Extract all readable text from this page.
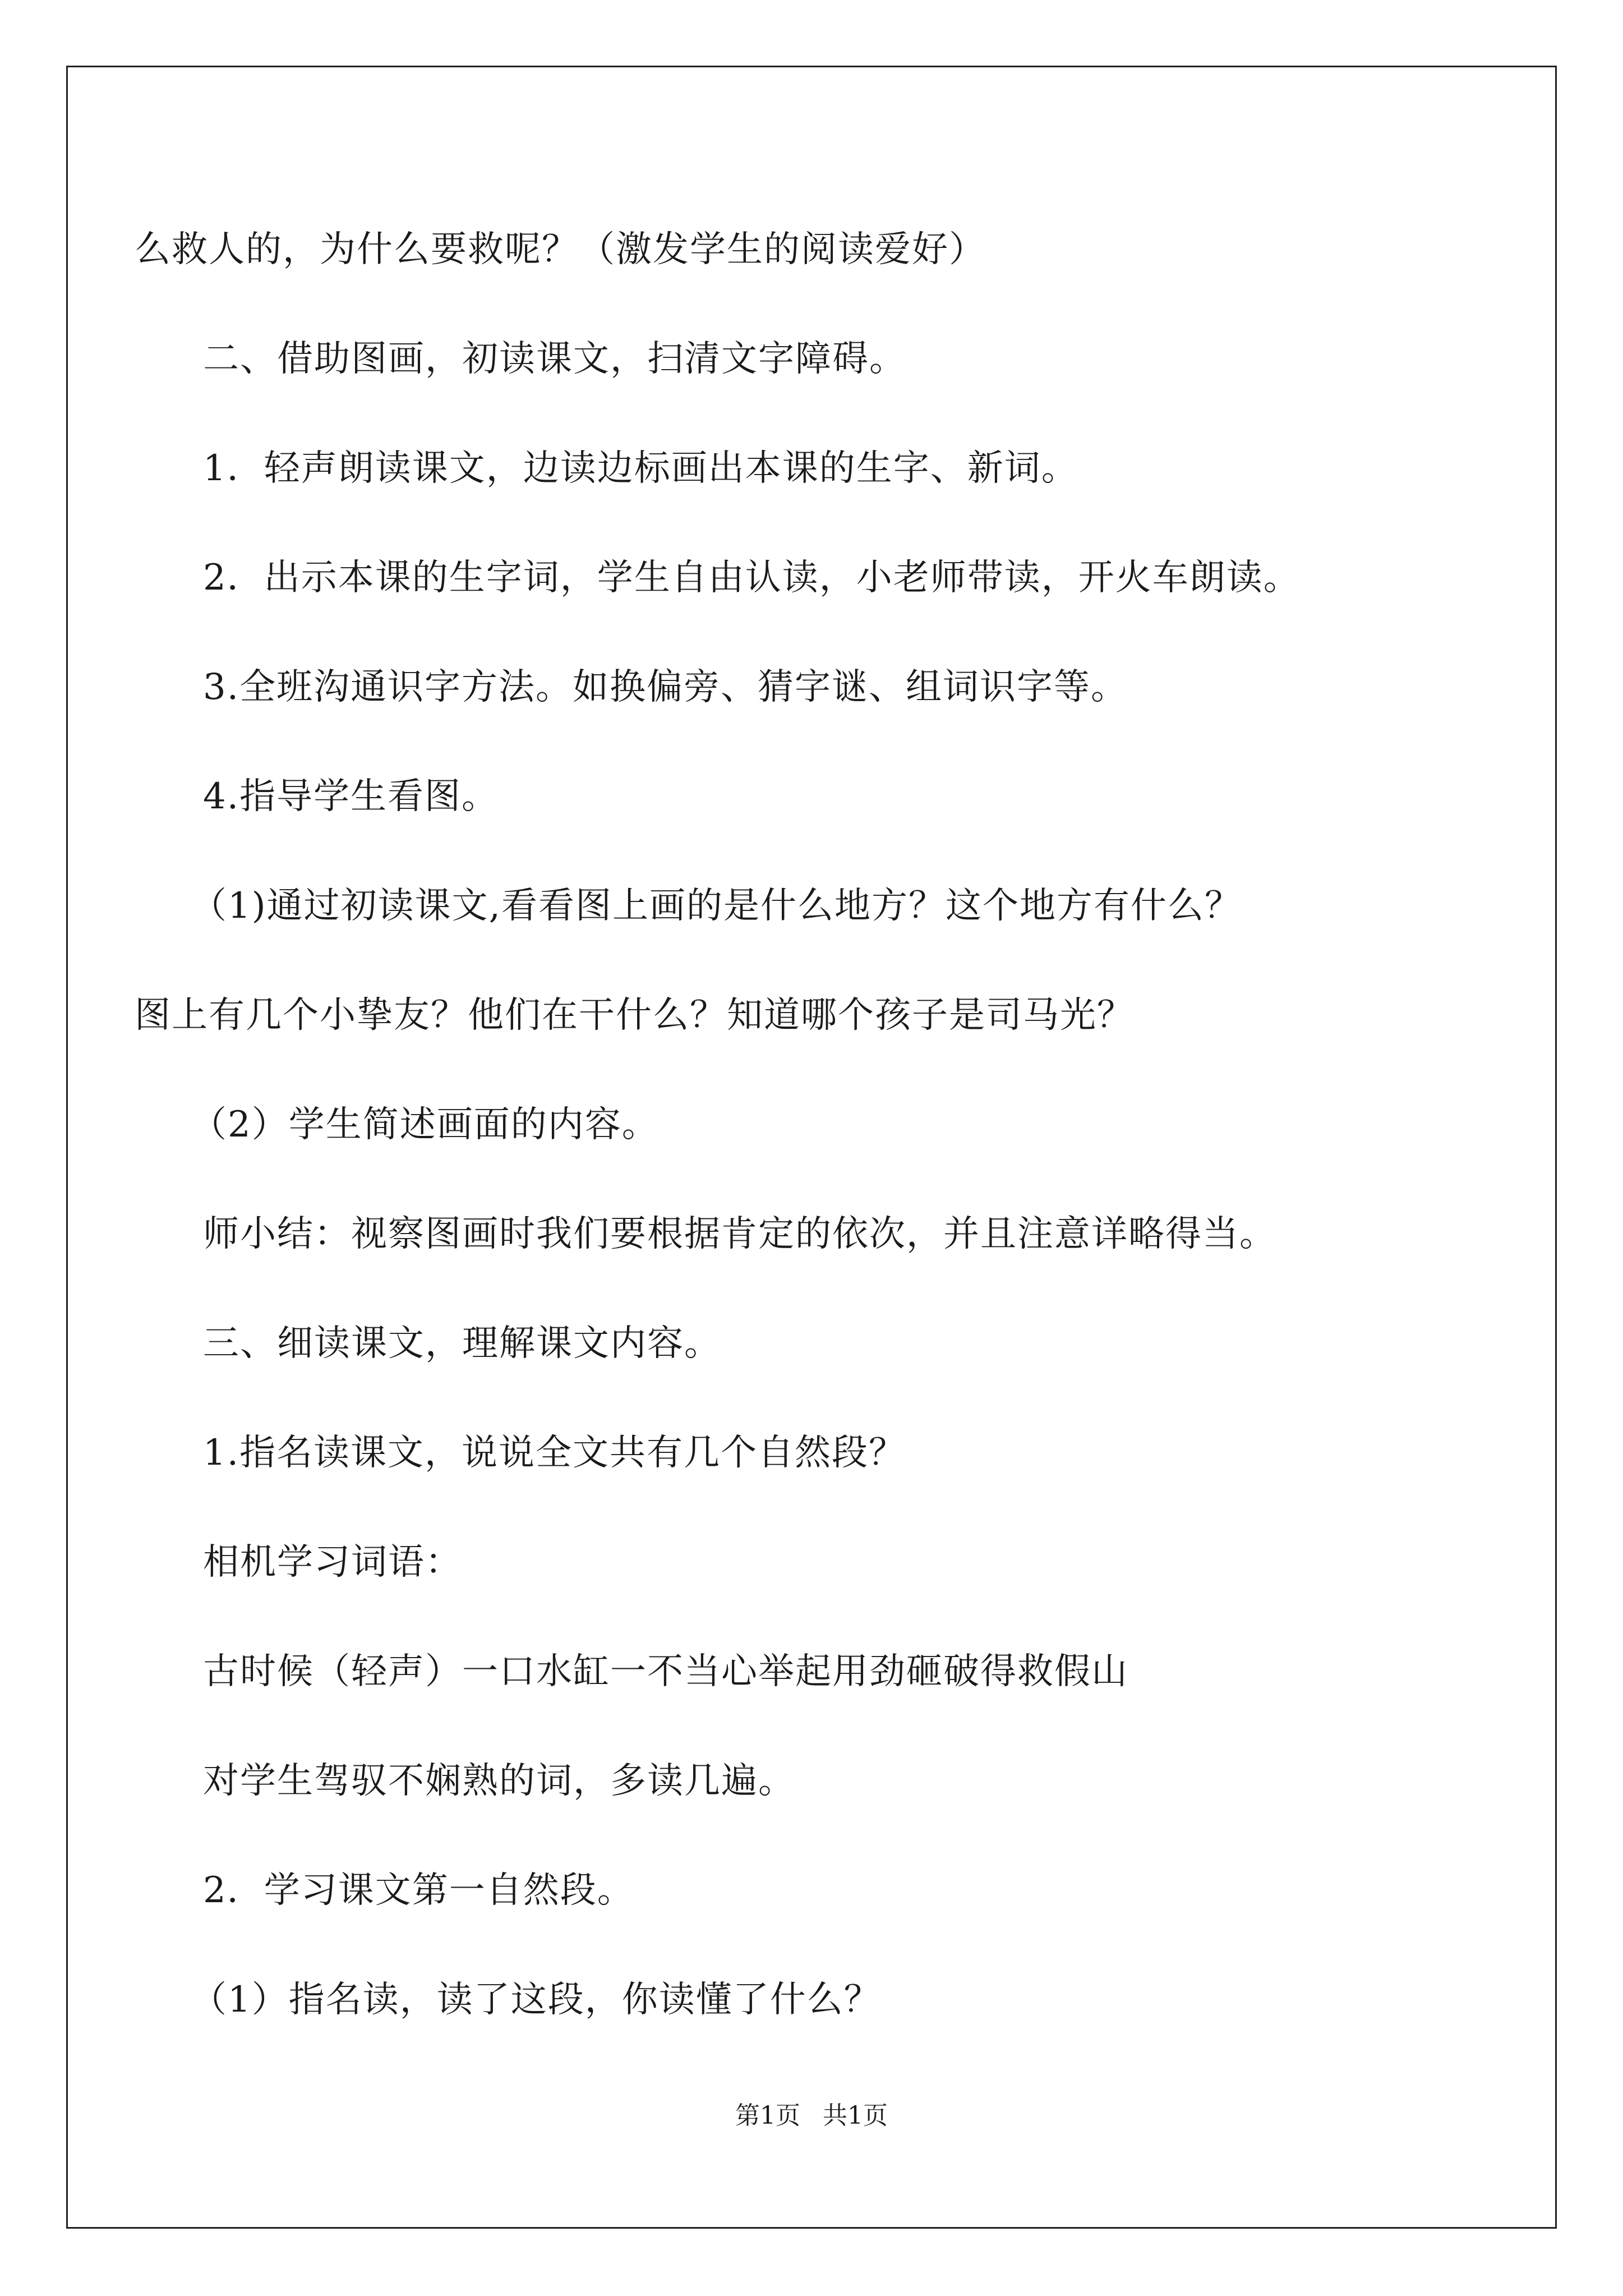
么救人的，为什么要救呢？（激发学生的阅读爱好）
二、借助图画，初读课文，扫清文字障碍。
1．轻声朗读课文，边读边标画出本课的生字、新词。
2．出示本课的生字词，学生自由认读，小老师带读，开火车朗读。
3.全班沟通识字方法。如换偏旁、猜字谜、组词识字等。
4.指导学生看图。
（1)通过初读课文,看看图上画的是什么地方？这个地方有什么？
图上有几个小挚友？他们在干什么？知道哪个孩子是司马光？
（2）学生简述画面的内容。
师小结：视察图画时我们要根据肯定的依次，并且注意详略得当。
三、细读课文，理解课文内容。
1.指名读课文，说说全文共有几个自然段？
相机学习词语：
古时候（轻声）一口水缸一不当心举起用劲砸破得救假山
对学生驾驭不娴熟的词，多读几遍。
2．学习课文第一自然段。
（1）指名读，读了这段，你读懂了什么？
第1页 共1页
